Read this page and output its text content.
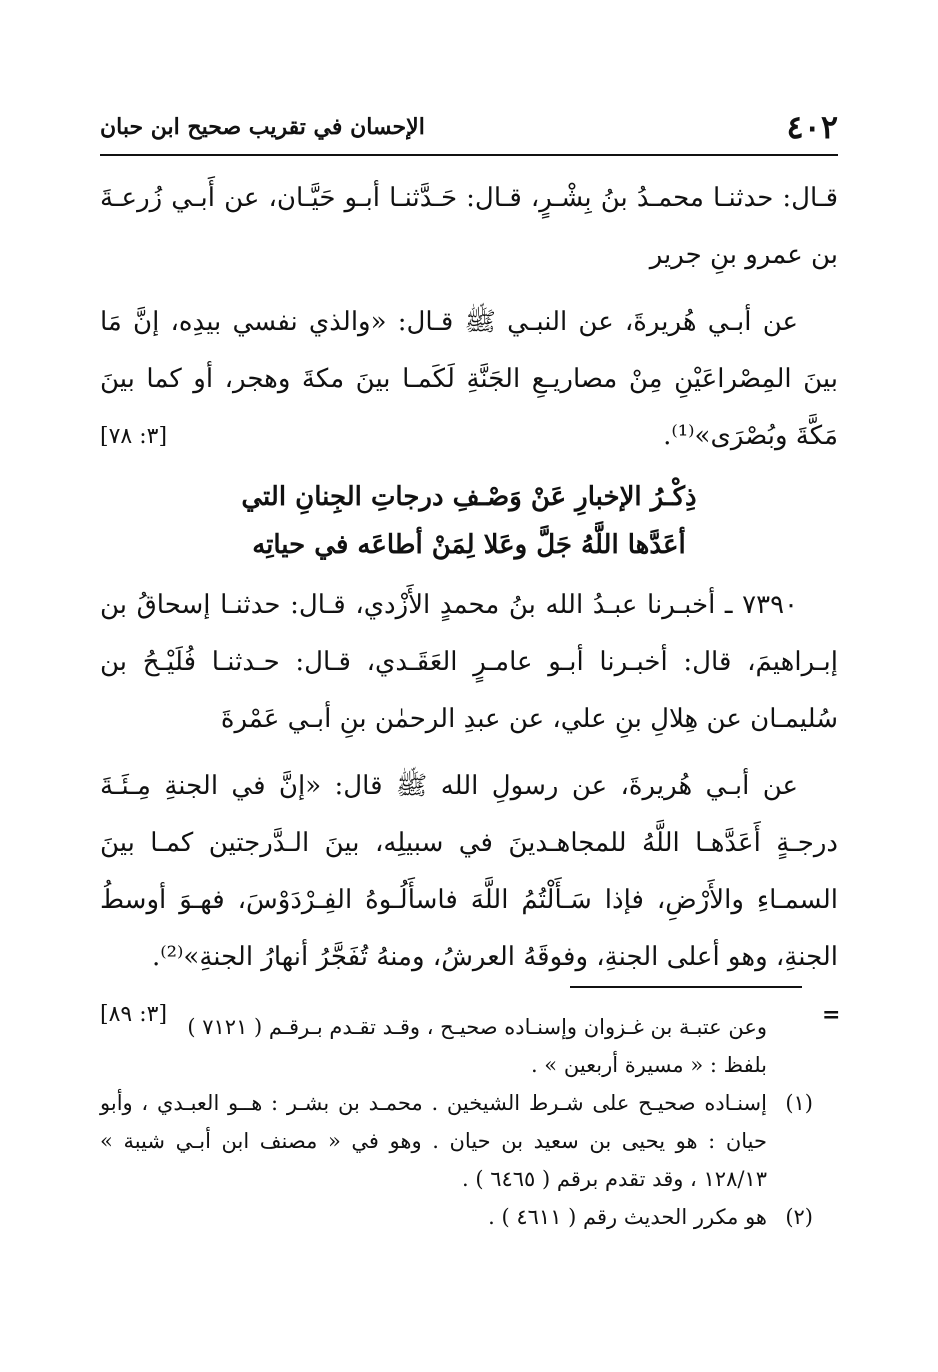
٤٠٢
الإحسان في تقريب صحيح ابن حبان

قـال: حدثنـا محمـدُ بنُ بِشْـرٍ، قـال: حَـدَّثنـا أبـو حَيَّـان، عن أَبـي زُرعـةَ بن عمرو بنِ جرير

عن أبـي هُريرةَ، عن النبـي ﷺ قـال: «والذي نفسي بيدِه، إنَّ مَا بينَ المِصْراعَيْنِ مِنْ مصاريـعِ الجَنَّةِ لَكَمـا بينَ مكةَ وهجر، أو كما بينَ مَكَّةَ وبُصْرَى»⁽¹⁾.

[٣: ٧٨]

ذِكْـرُ الإخبارِ عَنْ وَصْـفِ درجاتِ الجِنانِ التي
أعَدَّها اللَّهُ جَلَّ وعَلا لِمَنْ أطاعَه في حياتِه

٧٣٩٠ ـ أخبـرنا عبـدُ الله بنُ محمدٍ الأَزْدي، قـال: حدثنـا إسحاقُ بن إبـراهيمَ، قال: أخبـرنا أبـو عامـرٍ العَقَـدي، قـال: حـدثنـا فُلَيْـحُ بن سُليمـان عن هِلالِ بنِ علي، عن عبدِ الرحمٰن بنِ أبـي عَمْرةَ

عن أبـي هُريرةَ، عن رسولِ الله ﷺ قال: «إنَّ في الجنةِ مِـئَـةَ درجـةٍ أَعَدَّهـا اللَّهُ للمجاهـدينَ في سبيلِه، بينَ الـدَّرجتين كمـا بينَ السمـاءِ والأَرْضِ، فإذا سَـأَلْتُمُ اللَّهَ فاسأَلُـوهُ الفِـرْدَوْسَ، فهـوَ أوسطُ الجنةِ، وهو أعلى الجنةِ، وفوقَهُ العرشُ، ومنهُ تُفَجَّرُ أنهارُ الجنةِ»⁽²⁾.

[٣: ٨٩]	=

وعن عتبـة بن غـزوان وإسنـاده صحيـح ، وقـد تقـدم بـرقـم ( ٧١٢١ )

بلفظ : « مسيرة أربعين » .

(١)
إسنـاده صحيـح على شـرط الشيخين . محمـد بن بشـر : هــو العبـدي ، وأبو حيان : هو يحيى بن سعيد بن حيان . وهو في « مصنف ابن أبـي شيبة » ١٢٨/١٣ ، وقد تقدم برقم ( ٦٤٦٥ ) .

(٢)
هو مكرر الحديث رقم ( ٤٦١١ ) .
